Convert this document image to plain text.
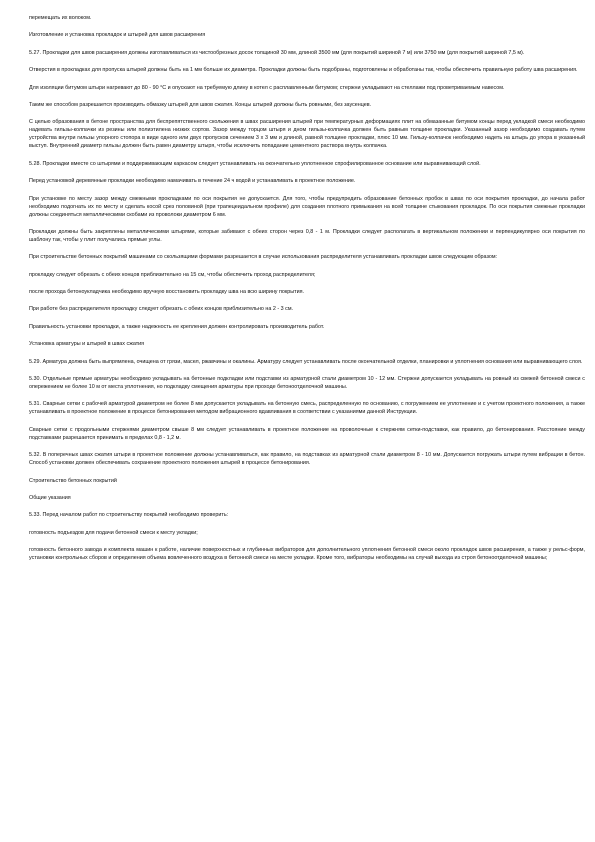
перемещать их волоком.

Изготовление и установка прокладок и штырей для швов расширения

5.27. Прокладки для швов расширения должны изготавливаться из чистообрезных досок толщиной 30 мм, длиной 3500 мм (для покрытий шириной 7 м) или 3750 мм (для покрытий шириной 7,5 м).

Отверстия в прокладках для пропуска штырей должны быть на 1 мм больше их диаметра. Прокладки должны быть подобраны, подготовлены и обработаны так, чтобы обеспечить правильную работу шва расширения.

Для изоляции битумом штыри нагревают до 80 - 90 °С и опускают на требуемую длину в котел с расплавленным битумом; стержни укладывают на стеллажи под проветриваемым навесом.

Таким же способом разрешается производить обмазку штырей для швов сжатия. Концы штырей должны быть ровными, без заусенцев.

С целью образования в бетоне пространства для беспрепятственного скольжения в швах расширения штырей при температурных деформациях плит на обмазанные битумом концы перед укладкой смеси необходимо надевать гильзы-колпачки из резины или полиэтилена низких сортов. Зазор между торцом штыря и дном гильзы-колпачка должен быть равным толщине прокладки. Указанный зазор необходимо создавать путем устройства внутри гильзы упорного стопора в виде одного или двух пропусков сечением 3 х 3 мм и длиной, равной толщине прокладки, плюс 10 мм. Гильзу-колпачок необходимо надеть на штырь до упора в указанный выступ. Внутренний диаметр гильзы должен быть равен диаметру штыря, чтобы исключить попадание цементного раствора внутрь колпачка.

5.28. Прокладки вместе со штырями и поддерживающим каркасом следует устанавливать на окончательно уплотненное спрофилированное основание или выравнивающий слой.

Перед установкой деревянные прокладки необходимо намачивать в течение 24 ч водой и устанавливать в проектное положение.

При установке по месту зазор между смежными прокладками по оси покрытия не допускается. Для того, чтобы предупредить образование бетонных пробок в швах по оси покрытия прокладки, до начала работ необходимо подогнать их по месту и сделать косой срез половиной (при трапецеидальном профиле) для создания плотного примыкания на всей толщине стыкования прокладок. По оси покрытия смежные прокладки должны соединяться металлическими скобами из проволоки диаметром 6 мм.

Прокладки должны быть закреплены металлическими штырями, которые забивают с обеих сторон через 0,8 - 1 м. Прокладки следует располагать в вертикальном положении и перпендикулярно оси покрытия по шаблону так, чтобы у плит получались прямые углы.

При строительстве бетонных покрытий машинами со скользящими формами разрешается в случае использования распределителя устанавливать прокладки швов следующим образом:

прокладку следует обрезать с обеих концов приблизительно на 15 см, чтобы обеспечить проход распределителя;

после прохода бетоноукладчика необходимо вручную восстановить прокладку шва на всю ширину покрытия.

При работе без распределителя прокладку следует обрезать с обеих концов приблизительно на 2 - 3 см.

Правильность установки прокладки, а также надежность ее крепления должен контролировать производитель работ.

Установка арматуры и штырей в швах сжатия

5.29. Арматура должна быть выпрямлена, очищена от грязи, масел, ржавчины и окалины. Арматуру следует устанавливать после окончательной отделки, планировки и уплотнения основания или выравнивающего слоя.

5.30. Отдельные прямые арматуры необходимо укладывать на бетонные подкладки или подставки из арматурной стали диаметром 10 - 12 мм. Стержни допускается укладывать на ровный из свежей бетонной смеси с опережением не более 10 м от места уплотнения, но подкладку смещения арматуры при проходе бетоноотделочной машины.

5.31. Сварные сетки с рабочей арматурой диаметром не более 8 мм допускается укладывать на бетонную смесь, распределенную по основанию, с погружением ее уплотнение и с учетом проектного положения, а также устанавливать в проектное положение в процессе бетонирования методом вибрационного вдавливания в соответствии с указаниями данной Инструкции.

Сварные сетки с продольными стержнями диаметром свыше 8 мм следует устанавливать в проектное положение на проволочные к стержням сетки-подставки, как правило, до бетонирования. Расстояние между подставками разрешается принимать в пределах 0,8 - 1,2 м.

5.32. В поперечных швах сжатия штыри в проектное положение должны устанавливаться, как правило, на подставках из арматурной стали диаметром 8 - 10 мм. Допускается погружать штыри путем вибрации в бетон. Способ установки должен обеспечивать сохранение проектного положения штырей в процессе бетонирования.

Строительство бетонных покрытий

Общие указания

5.33. Перед началом работ по строительству покрытий необходимо проверить:

готовность подъездов для подачи бетонной смеси к месту укладки;

готовность бетонного завода и комплекта машин к работе, наличие поверхностных и глубинных вибраторов для дополнительного уплотнения бетонной смеси около прокладок швов расширения, а также у рельс-форм, установки контрольных сборов и определения объема вовлеченного воздуха в бетонной смеси на месте укладки. Кроме того, вибраторы необходимы на случай выхода из строя бетоноотделочной машины;
